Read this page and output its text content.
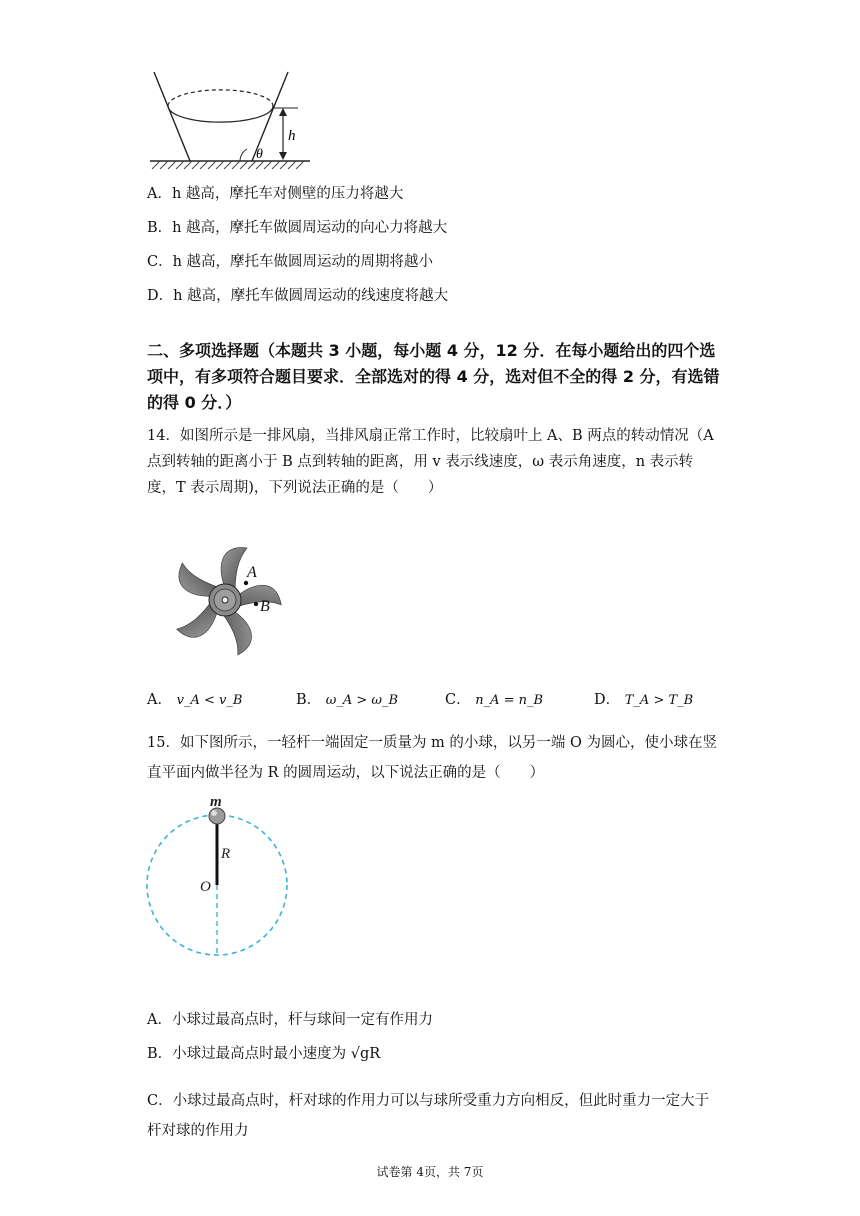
h
θ
A．h 越高，摩托车对侧壁的压力将越大
B．h 越高，摩托车做圆周运动的向心力将越大
C．h 越高，摩托车做圆周运动的周期将越小
D．h 越高，摩托车做圆周运动的线速度将越大
二、多项选择题（本题共 3 小题，每小题 4 分，12 分．在每小题给出的四个选项中，有多项符合题目要求．全部选对的得 4 分，选对但不全的得 2 分，有选错的得 0 分．）
14．如图所示是一排风扇，当排风扇正常工作时，比较扇叶上 A、B 两点的转动情况（A 点到转轴的距离小于 B 点到转轴的距离，用 v 表示线速度，ω 表示角速度，n 表示转度，T 表示周期)，下列说法正确的是（　　）
A
B
A． v_A < v_B	B． ω_A > ω_B	C． n_A = n_B	D． T_A > T_B
15．如下图所示，一轻杆一端固定一质量为 m 的小球，以另一端 O 为圆心，使小球在竖直平面内做半径为 R 的圆周运动，以下说法正确的是（　　）
m
R
O
A．小球过最高点时，杆与球间一定有作用力
B．小球过最高点时最小速度为 √gR
C．小球过最高点时，杆对球的作用力可以与球所受重力方向相反，但此时重力一定大于杆对球的作用力
试卷第 4页，共 7页
